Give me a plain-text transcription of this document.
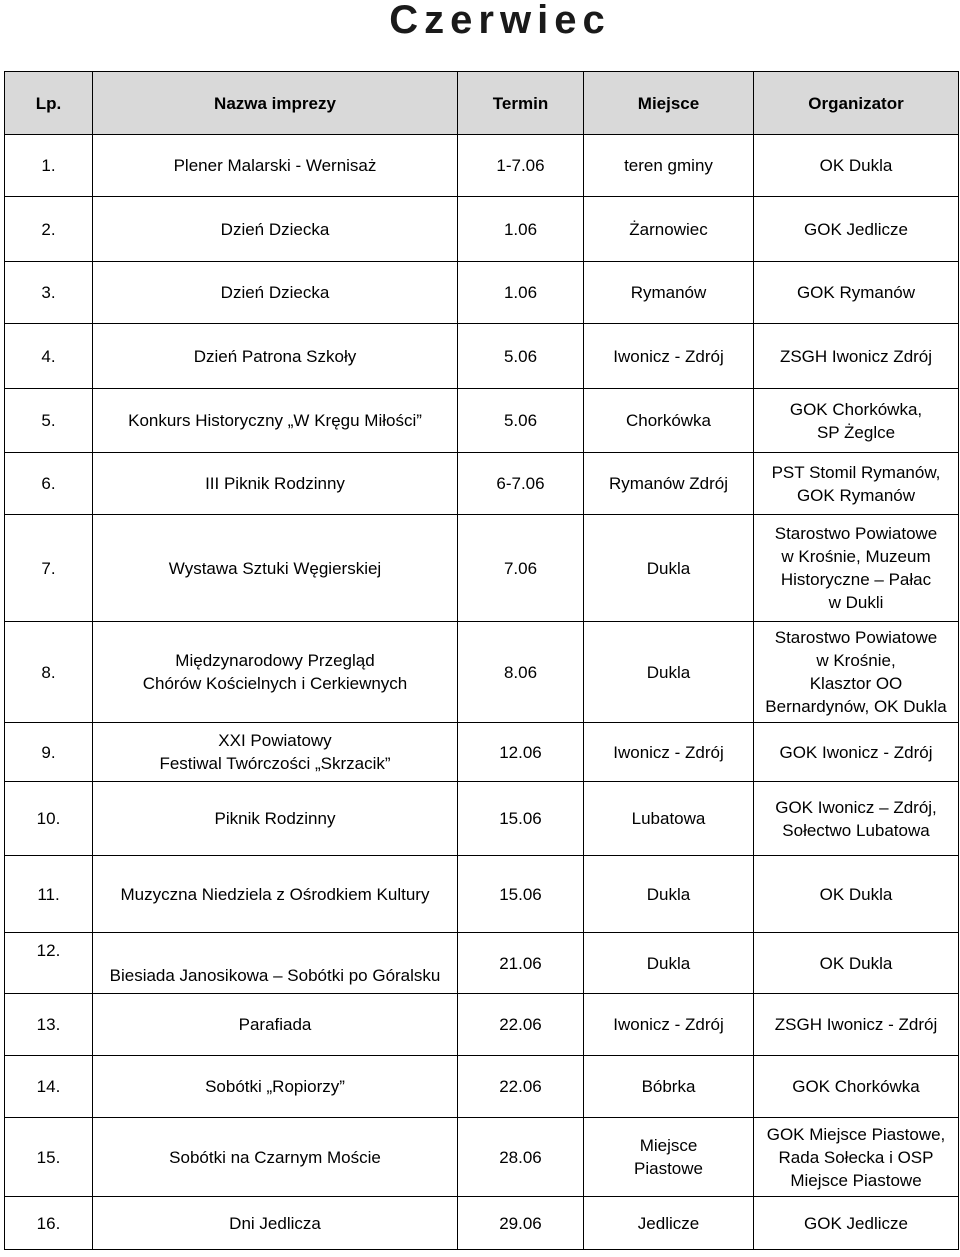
Czerwiec
Lp.	Nazwa imprezy	Termin	Miejsce	Organizator
1.	Plener Malarski - Wernisaż	1-7.06	teren gminy	OK Dukla
2.	Dzień Dziecka	1.06	Żarnowiec	GOK Jedlicze
3.	Dzień Dziecka	1.06	Rymanów	GOK Rymanów
4.	Dzień Patrona Szkoły	5.06	Iwonicz - Zdrój	ZSGH Iwonicz Zdrój
5.	Konkurs Historyczny „W Kręgu Miłości”	5.06	Chorkówka	GOK Chorkówka,
SP Żeglce
6.	III Piknik Rodzinny	6-7.06	Rymanów Zdrój	PST Stomil Rymanów,
GOK Rymanów
7.	Wystawa Sztuki Węgierskiej	7.06	Dukla	Starostwo Powiatowe
w Krośnie, Muzeum
Historyczne – Pałac
w Dukli
8.	Międzynarodowy Przegląd
Chórów Kościelnych i Cerkiewnych	8.06	Dukla	Starostwo Powiatowe
w Krośnie,
Klasztor OO
Bernardynów, OK Dukla
9.	XXI Powiatowy
Festiwal Twórczości „Skrzacik”	12.06	Iwonicz - Zdrój	GOK Iwonicz - Zdrój
10.	Piknik Rodzinny	15.06	Lubatowa	GOK Iwonicz – Zdrój,
Sołectwo Lubatowa
11.	Muzyczna Niedziela z Ośrodkiem Kultury	15.06	Dukla	OK Dukla
12.	Biesiada Janosikowa – Sobótki po Góralsku	21.06	Dukla	OK Dukla
13.	Parafiada	22.06	Iwonicz - Zdrój	ZSGH Iwonicz - Zdrój
14.	Sobótki „Ropiorzy”	22.06	Bóbrka	GOK Chorkówka
15.	Sobótki na Czarnym Moście	28.06	Miejsce
Piastowe	GOK Miejsce Piastowe,
Rada Sołecka i OSP
Miejsce Piastowe
16.	Dni Jedlicza	29.06	Jedlicze	GOK Jedlicze
